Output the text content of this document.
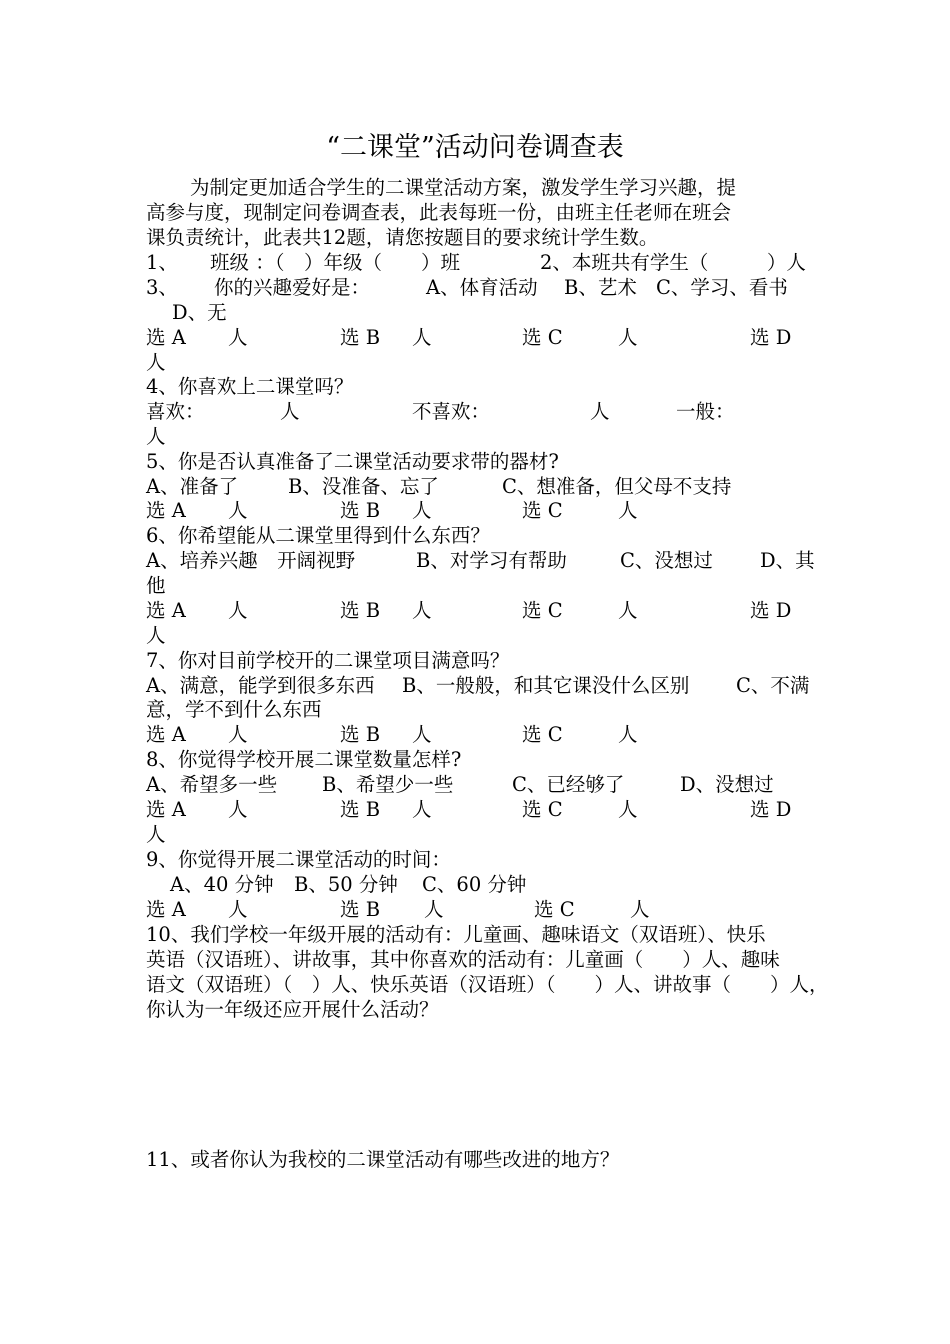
“二课堂”活动问卷调查表
为制定更加适合学生的二课堂活动方案，激发学生学习兴趣，提
高参与度，现制定问卷调查表，此表每班一份，由班主任老师在班会
课负责统计，此表共12题，请您按题目的要求统计学生数。
1、 班级 ：（　）年级（　　）班	2、本班共有学生（　　　）人
3、 你的兴趣爱好是：	A、体育活动 B、艺术 C、学习、看书
D、无
选 A 人	选 B 人	选 C	人	选 D
人
4、你喜欢上二课堂吗？
喜欢：	人	不喜欢：	人	一般：
人
5、你是否认真准备了二课堂活动要求带的器材?
A、准备了	B、没准备、忘了	C、想准备，但父母不支持
选 A 人	选 B 人	选 C	人
6、你希望能从二课堂里得到什么东西？
A、培养兴趣　开阔视野	B、对学习有帮助	C、没想过 D、其
他
选 A 人	选 B 人	选 C	人	选 D
人
7、你对目前学校开的二课堂项目满意吗？
A、满意，能学到很多东西 B、一般般，和其它课没什么区别 C、不满
意，学不到什么东西
选 A 人	选 B 人	选 C	人
8、你觉得学校开展二课堂数量怎样?
A、希望多一些 B、希望少一些	C、已经够了	D、没想过
选 A 人	选 B 人	选 C	人	选 D
人
9、你觉得开展二课堂活动的时间：
A、40 分钟 B、50 分钟 C、60 分钟
选 A 人	选 B 人	选 C	人
10、我们学校一年级开展的活动有：儿童画、趣味语文（双语班）、快乐
英语（汉语班）、讲故事，其中你喜欢的活动有：儿童画（　　）人、趣味
语文（双语班）（　）人、快乐英语（汉语班）（　　）人、讲故事（　　）人，
你认为一年级还应开展什么活动？
11、或者你认为我校的二课堂活动有哪些改进的地方？
